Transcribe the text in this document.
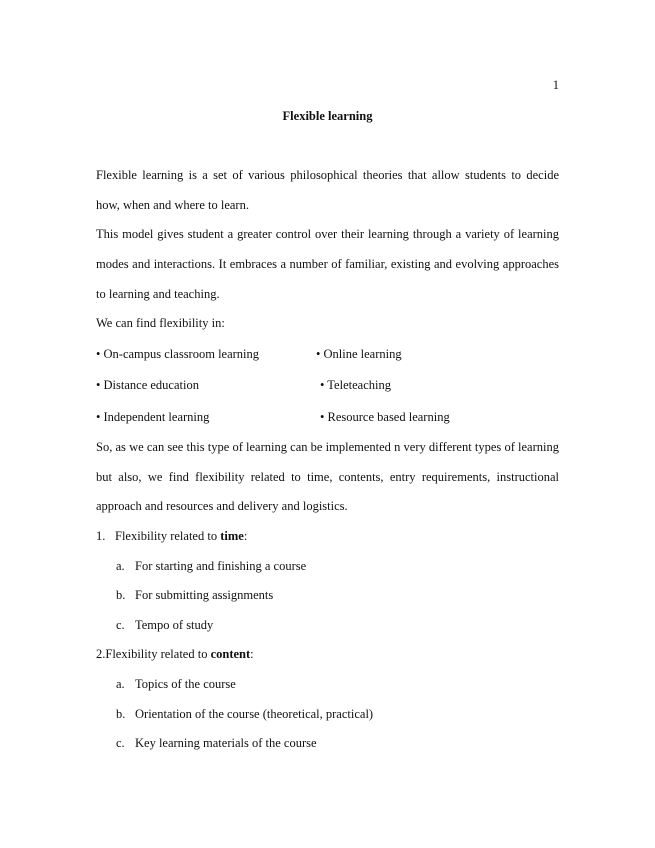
1
Flexible learning
Flexible learning is a set of various philosophical theories that allow students to decide
how, when and where to learn.
This model gives student a greater control over their learning through a variety of learning
modes and interactions. It embraces a number of familiar, existing and evolving approaches
to learning and teaching.
We can find flexibility in:
• On-campus classroom learning	• Online learning
• Distance education	• Teleteaching
• Independent learning	• Resource based learning
So, as we can see this type of learning can be implemented n very different types of learning
but also, we find flexibility related to time, contents, entry requirements, instructional
approach and resources and delivery and logistics.
1. Flexibility related to time:
a. For starting and finishing a course
b. For submitting assignments
c. Tempo of study
2.Flexibility related to content:
a. Topics of the course
b. Orientation of the course (theoretical, practical)
c. Key learning materials of the course
